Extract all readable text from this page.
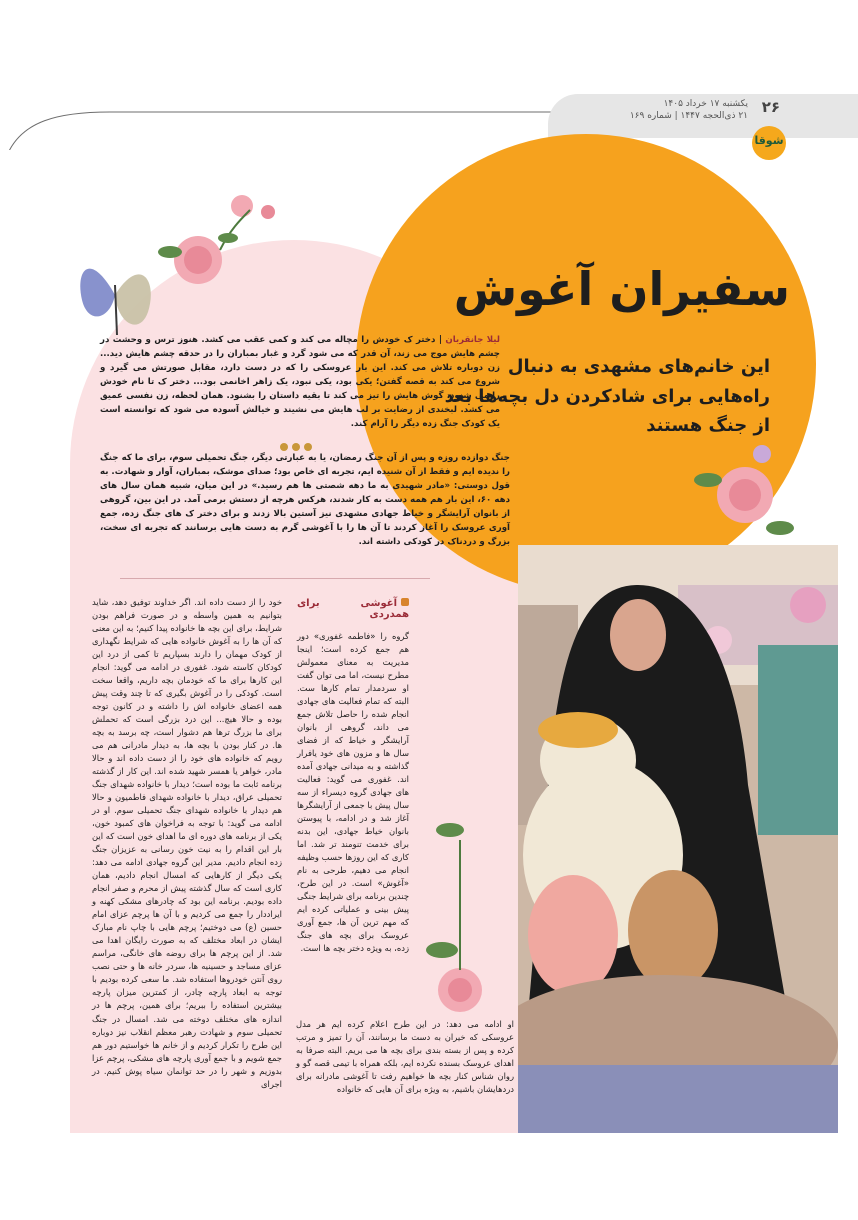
۲۶
یکشنبه ۱۷ خرداد ۱۴۰۵
۲۱ ذی‌الحجه ۱۴۴۷ | شماره ۱۶۹
شوقا
سفیران آغوش

این خانم‌های مشهدی به دنبال راه‌هایی برای شادکردن دل بچه‌ها بعد از جنگ هستند

لیلا جانقربان | دختر ک خودش را مچاله می کند و کمی عقب می کشد. هنوز ترس و وحشت در چشم هایش موج می زند، آن قدر که می شود گرد و غبار بمباران را در حدقه چشم هایش دید... زن دوباره تلاش می کند. این بار عروسکی را که در دست دارد، مقابل صورتش می گیرد و شروع می کند به قصه گفتن؛ یکی بود، یکی نبود، یک زاهر اخانمی بود... دختر ک تا نام خودش را می شنود، گوش هایش را تیز می کند تا بقیه داستان را بشنود. همان لحظه، زن نفسی عمیق می کشد. لبخندی از رضایت بر لب هایش می نشیند و خیالش آسوده می شود که توانسته است یک کودک جنگ زده دیگر را آرام کند.

جنگ دوازده روزه و پس از آن جنگ رمضان، یا به عبارتی دیگر، جنگ تحمیلی سوم، برای ما که جنگ را ندیده ایم و فقط از آن شنیده ایم، تجربه ای خاص بود؛ صدای موشک، بمباران، آوار و شهادت. به قول دوستی: «مادر شهیدی به ما دهه شصتی ها هم رسید.» در این میان، شبیه همان سال های دهه ۶۰، این بار هم همه دست به کار شدند، هرکس هرچه از دستش برمی آمد. در این بین، گروهی از بانوان آرایشگر و خیاط جهادی مشهدی نیز آستین بالا زدند و برای دختر ک های جنگ زده، جمع آوری عروسک را آغاز کردند تا آن ها را با آغوشی گرم به دست هایی برسانند که تجربه ای سخت، بزرگ و دردناک در کودکی داشته اند.

آغوشی برای همدردی
گروه را «فاطمه غفوری» دور هم جمع کرده است؛ اینجا مدیریت به معنای معمولش مطرح نیست، اما می توان گفت او سردمدار تمام کارها ست. البته که تمام فعالیت های جهادی انجام شده را حاصل تلاش جمع می داند، گروهی از بانوان آرایشگر و خیاط که از فضای سال ها و مزون های خود یافرار گذاشته و به میدانی جهادی آمده اند. غفوری می گوید: فعالیت های جهادی گروه دیسراء از سه سال پیش با جمعی از آرایشگرها آغاز شد و در ادامه، با پیوستن بانوان خیاط جهادی، این بدنه برای خدمت تنومند تر شد. اما کاری که این روزها حسب وظیفه انجام می دهیم، طرحی به نام «آغوش» است. در این طرح، چندین برنامه برای شرایط جنگی پیش بینی و عملیاتی کرده ایم که مهم ترین آن ها، جمع آوری عروسک برای بچه های جنگ زده، به ویژه دختر بچه ها است.
او ادامه می دهد: در این طرح اعلام کرده ایم هر مدل عروسکی که خیران به دست ما برسانند، آن را تمیز و مرتب کرده و پس از بسته بندی برای بچه ها می بریم. البته صرفا به اهدای عروسک بسنده نکرده ایم، بلکه همراه با تیمی قصه گو و روان شناس کنار بچه ها خواهیم رفت تا آغوشی مادرانه برای دردهایشان باشیم، به ویژه برای آن هایی که خانواده
خود را از دست داده اند. اگر خداوند توفیق دهد، شاید بتوانیم به همین واسطه و در صورت فراهم بودن شرایط، برای این بچه ها خانواده پیدا کنیم؛ به این معنی که آن ها را به آغوش خانواده هایی که شرایط نگهداری از کودک مهمان را دارند بسپاریم تا کمی از درد این کودکان کاسته شود. غفوری در ادامه می گوید: انجام این کارها برای ما که خودمان بچه داریم، واقعا سخت است. کودکی را در آغوش بگیری که تا چند وقت پیش همه اعضای خانواده اش را داشته و در کانون توجه بوده و حالا هیچ... این درد بزرگی است که تحملش برای ما بزرگ ترها هم دشوار است، چه برسد به بچه ها. در کنار بودن با بچه ها، به دیدار مادرانی هم می رویم که خانواده های خود را از دست داده اند و حالا مادر، خواهر یا همسر شهید شده اند. این کار از گذشته برنامه ثابت ما بوده است؛ دیدار با خانواده شهدای جنگ تحمیلی عراق، دیدار با خانواده شهدای فاطمیون و حالا هم دیدار با خانواده شهدای جنگ تحمیلی سوم. او در ادامه می گوید: با توجه به فراخوان های کمبود خون، یکی از برنامه های دوره ای ما اهدای خون است که این بار این اقدام را به نیت خون رسانی به عزیزان جنگ زده انجام دادیم. مدیر این گروه جهادی ادامه می دهد: یکی دیگر از کارهایی که امسال انجام دادیم، همان کاری است که سال گذشته پیش از محرم و صفر انجام داده بودیم. برنامه این بود که چادرهای مشکی کهنه و ایراددار را جمع می کردیم و با آن ها پرچم عزای امام حسین (ع) می دوختیم؛ پرچم هایی با چاپ نام مبارک ایشان در ابعاد مختلف که به صورت رایگان اهدا می شد. از این پرچم ها برای روضه های خانگی، مراسم عزای مساجد و حسینیه ها، سردر خانه ها و حتی نصب روی آنتن خودروها استفاده شد. ما سعی کرده بودیم با توجه به ابعاد پارچه چادر، از کمترین میزان پارچه بیشترین استفاده را ببریم؛ برای همین، پرچم ها در اندازه های مختلف دوخته می شد. امسال در جنگ تحمیلی سوم و شهادت رهبر معظم انقلاب نیز دوباره این طرح را تکرار کردیم و از خانم ها خواستیم دور هم جمع شویم و با جمع آوری پارچه های مشکی، پرچم عزا بدوزیم و شهر را در حد توانمان سیاه پوش کنیم. در اجرای
